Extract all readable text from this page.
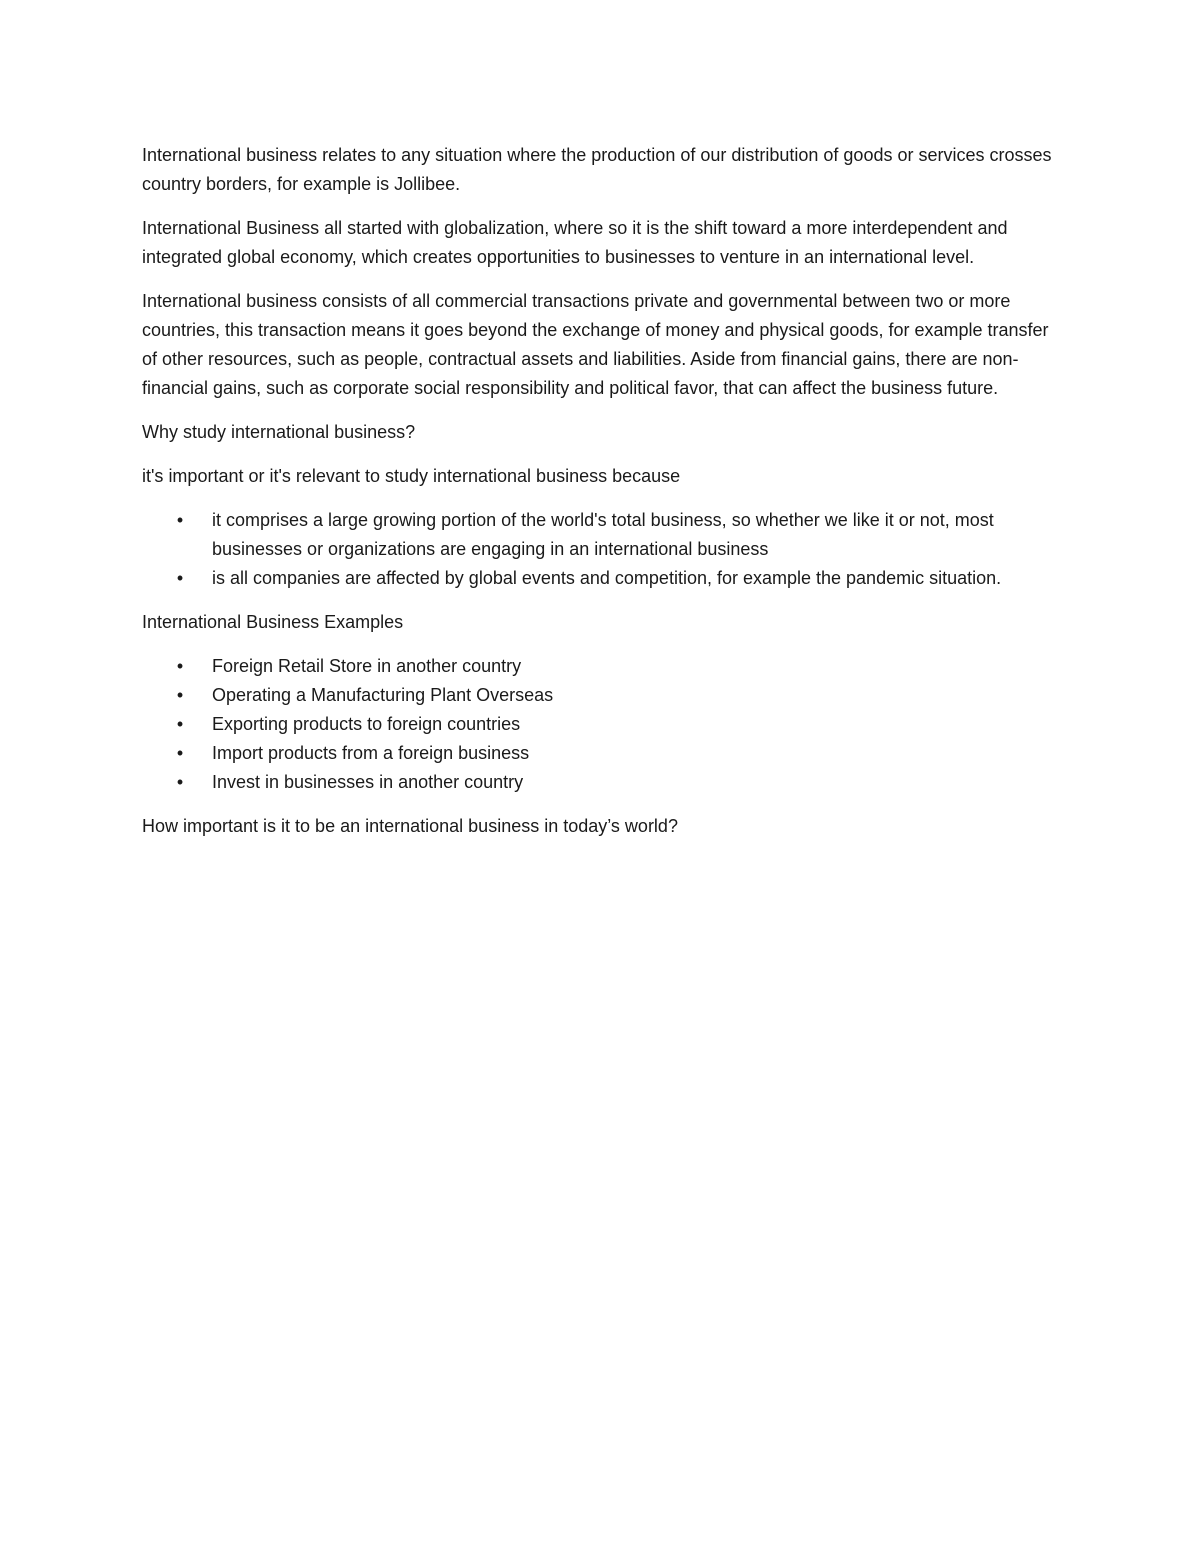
International business relates to any situation where the production of our distribution of goods or services crosses country borders, for example is Jollibee.

International Business all started with globalization, where so it is the shift toward a more interdependent and integrated global economy, which creates opportunities to businesses to venture in an international level.

International business consists of all commercial transactions private and governmental between two or more countries, this transaction means it goes beyond the exchange of money and physical goods, for example transfer of other resources, such as people, contractual assets and liabilities. Aside from financial gains, there are non-financial gains, such as corporate social responsibility and political favor, that can affect the business future.

Why study international business?

it's important or it's relevant to study international business because

• it comprises a large growing portion of the world's total business, so whether we like it or not, most businesses or organizations are engaging in an international business
• is all companies are affected by global events and competition, for example the pandemic situation.

International Business Examples

• Foreign Retail Store in another country
• Operating a Manufacturing Plant Overseas
• Exporting products to foreign countries
• Import products from a foreign business
• Invest in businesses in another country

How important is it to be an international business in today’s world?
